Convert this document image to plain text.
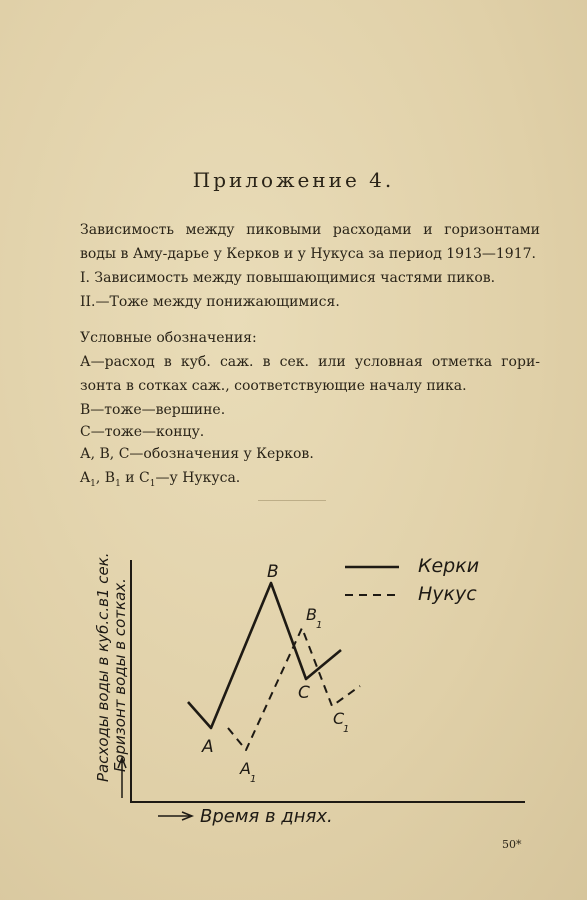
Приложение 4.
Зависимость между пиковыми расходами и горизонтами
воды в Аму-дарье у Керков и у Нукуса за период 1913—1917.
I. Зависимость между повышающимися частями пиков.
II.—Тоже между понижающимися.
Условные обозначения:
А—расход в куб. саж. в сек. или условная отметка гори-
зонта в сотках саж., соответствующие началу пика.
В—тоже—вершине.
С—тоже—концу.
А, В, С—обозначения у Керков.
$A_1$, $B_1$ и $C_1—у$ Нукуса.
B
A
C
B
1
A
1
C
1
Керки
Нукус
Расходы воды в куб.с.в1 сек. Горизонт воды в сотках.
Время в днях.
50*
